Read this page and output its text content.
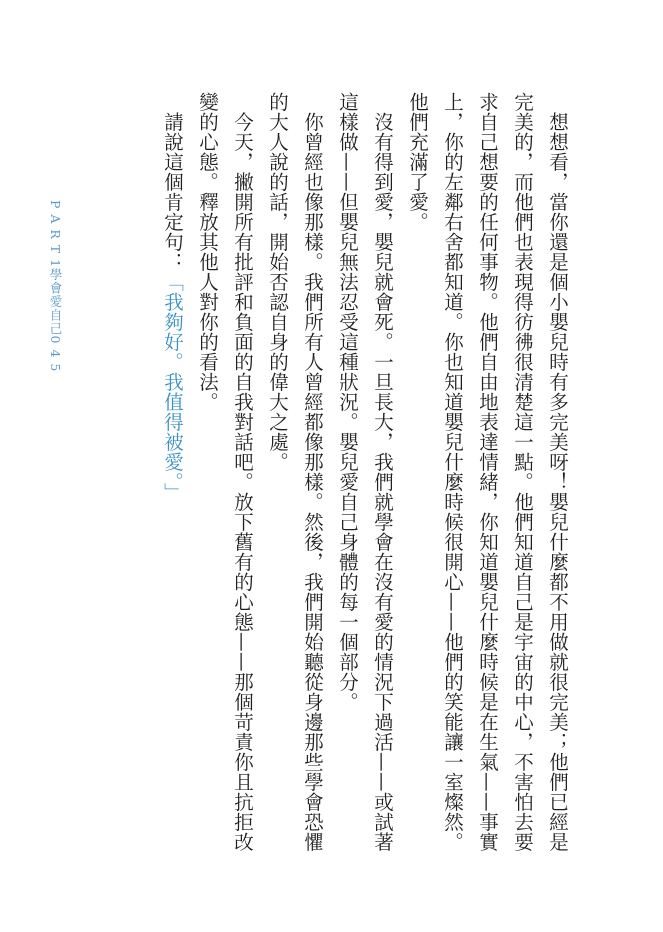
想想看，當你還是個小嬰兒時有多完美呀！嬰兒什麼都不用做就很完美；他們已經是完美的，而他們也表現得彷彿很清楚這一點。他們知道自己是宇宙的中心，不害怕去要求自己想要的任何事物。他們自由地表達情緒，你知道嬰兒什麼時候是在生氣——事實上，你的左鄰右舍都知道。你也知道嬰兒什麼時候很開心——他們的笑能讓一室燦然。他們充滿了愛。

沒有得到愛，嬰兒就會死。一旦長大，我們就學會在沒有愛的情況下過活——或試著這樣做——但嬰兒無法忍受這種狀況。嬰兒愛自己身體的每一個部分。

你曾經也像那樣。我們所有人曾經都像那樣。然後，我們開始聽從身邊那些學會恐懼的大人說的話，開始否認自身的偉大之處。

今天，撇開所有批評和負面的自我對話吧。放下舊有的心態——那個苛責你且抗拒改變的心態。釋放其他人對你的看法。

請說這個肯定句：「我夠好。我值得被愛。」

P A R T 1學會愛自己0 4 5
